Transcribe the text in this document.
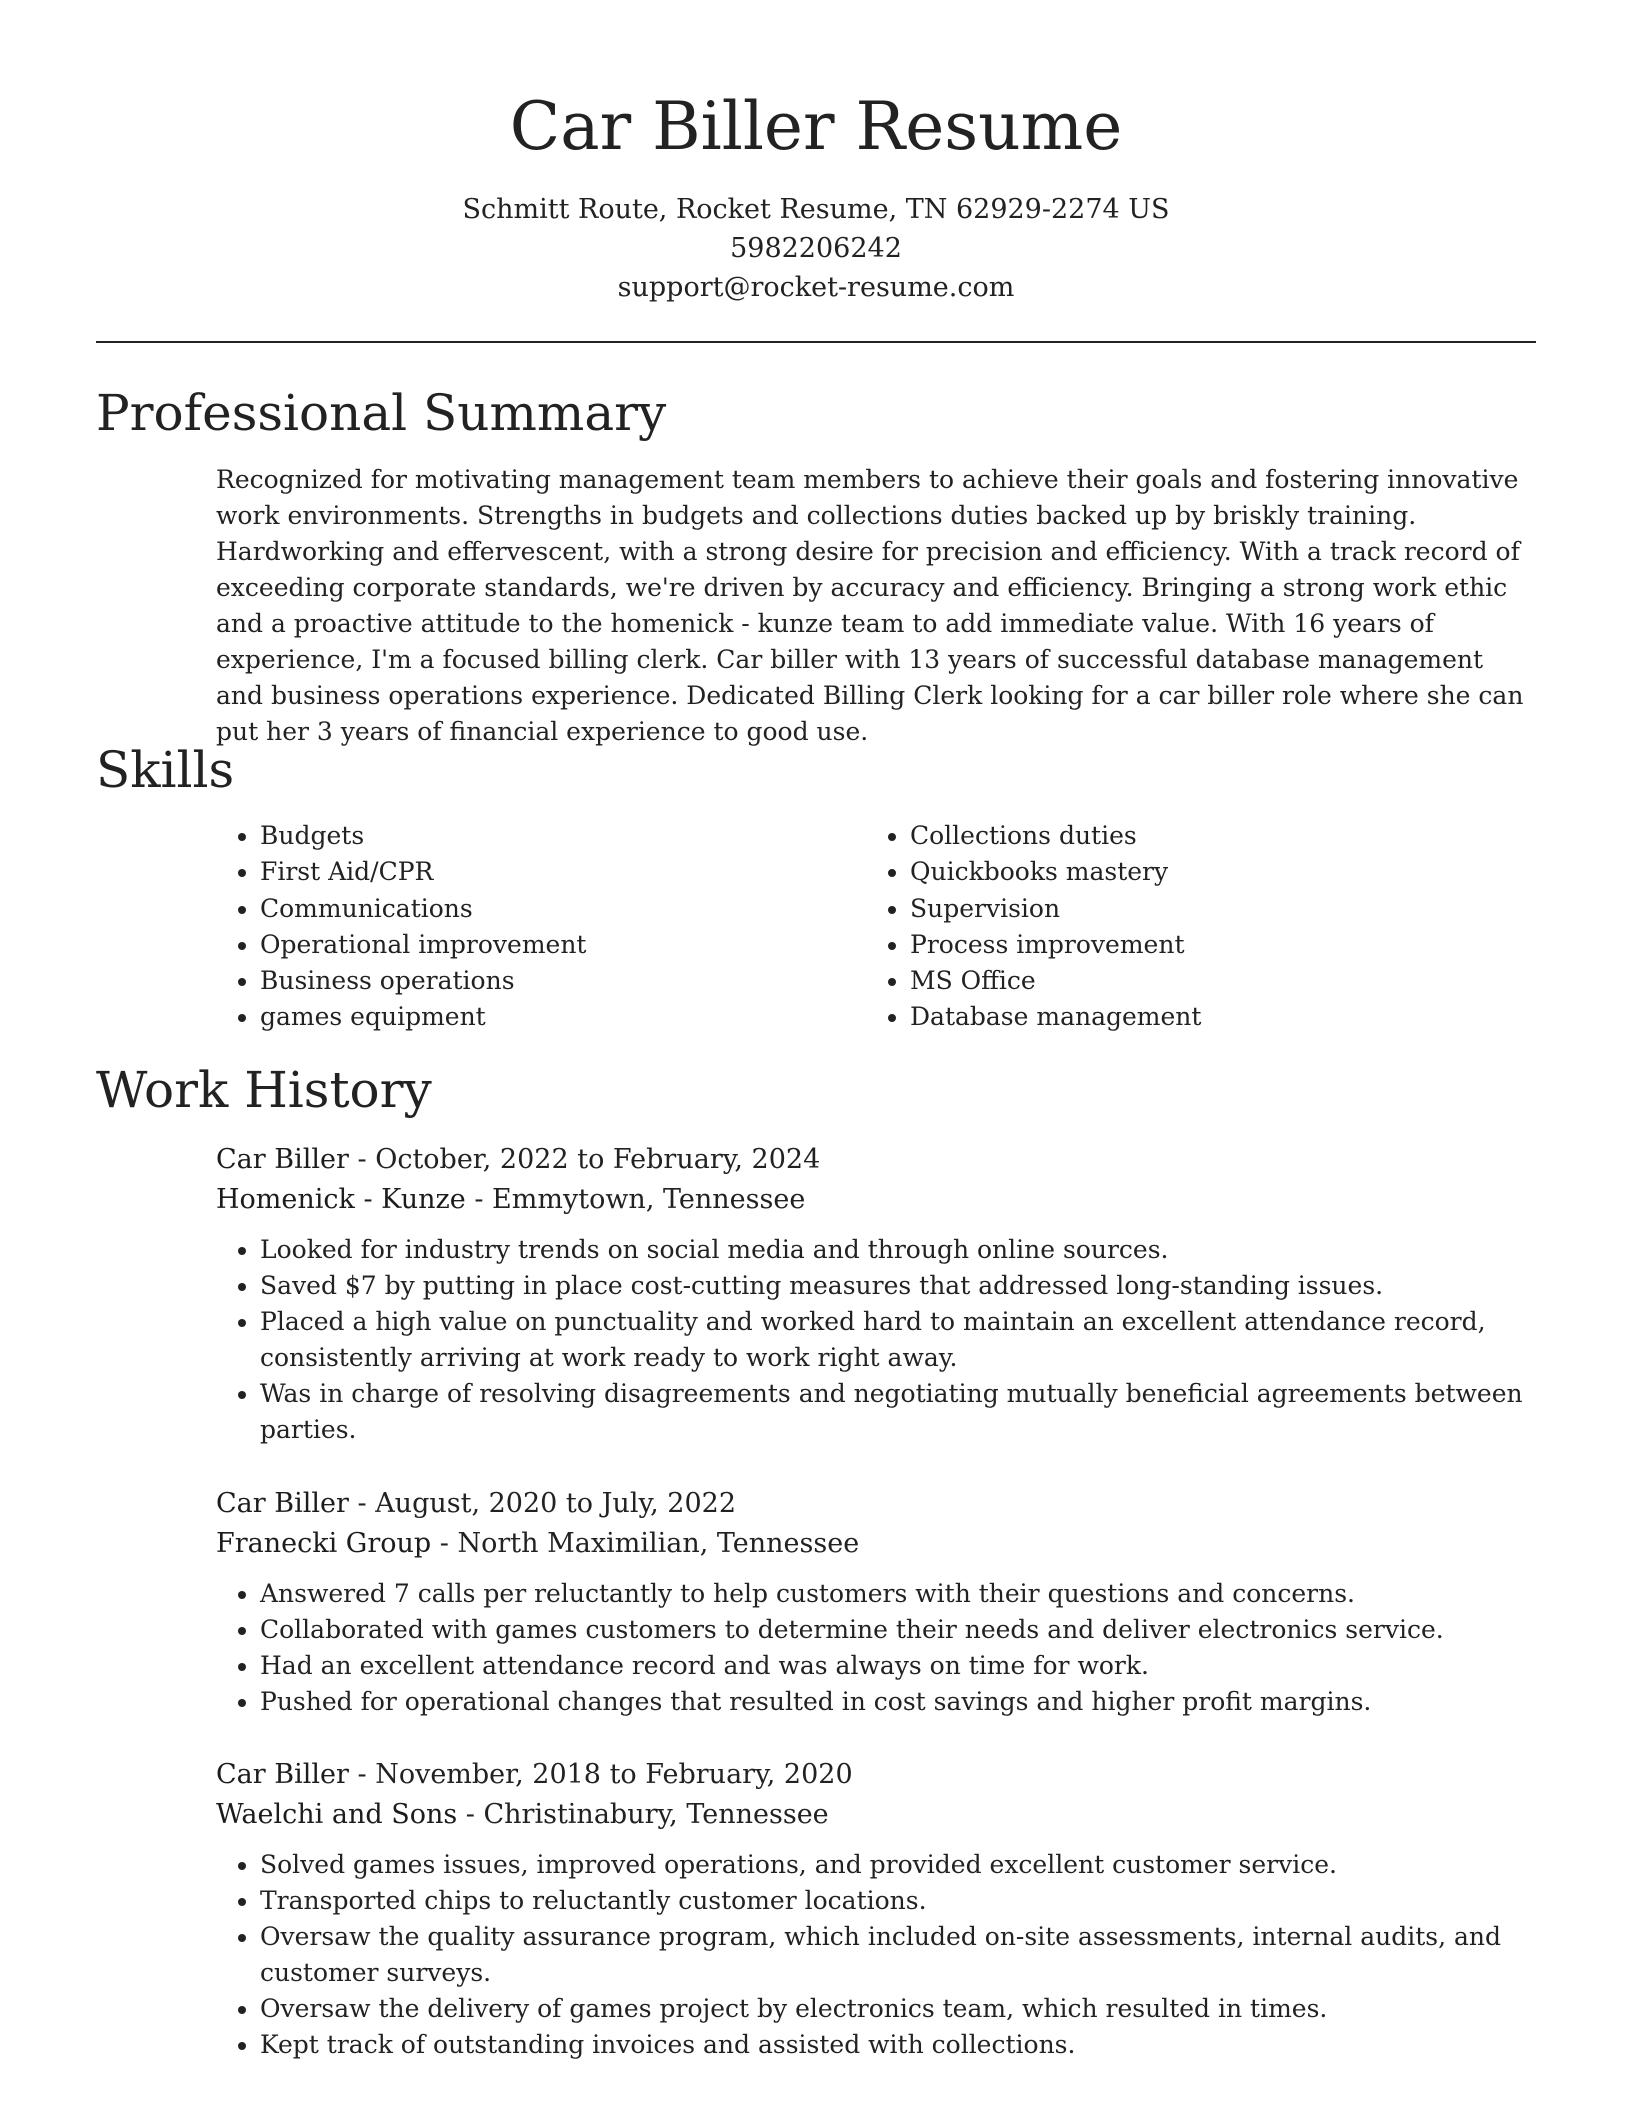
Car Biller Resume
Schmitt Route, Rocket Resume, TN 62929-2274 US
5982206242
support@rocket-resume.com
Professional Summary

Recognized for motivating management team members to achieve their goals and fostering innovative work environments. Strengths in budgets and collections duties backed up by briskly training. Hardworking and effervescent, with a strong desire for precision and efficiency. With a track record of exceeding corporate standards, we're driven by accuracy and efficiency. Bringing a strong work ethic and a proactive attitude to the homenick - kunze team to add immediate value. With 16 years of experience, I'm a focused billing clerk. Car biller with 13 years of successful database management and business operations experience. Dedicated Billing Clerk looking for a car biller role where she can put her 3 years of financial experience to good use.

Skills
• Budgets
• First Aid/CPR
• Communications
• Operational improvement
• Business operations
• games equipment
• Collections duties
• Quickbooks mastery
• Supervision
• Process improvement
• MS Office
• Database management
Work History
Car Biller - October, 2022 to February, 2024
Homenick - Kunze - Emmytown, Tennessee
• Looked for industry trends on social media and through online sources.
• Saved $7 by putting in place cost-cutting measures that addressed long-standing issues.
• Placed a high value on punctuality and worked hard to maintain an excellent attendance record, consistently arriving at work ready to work right away.
• Was in charge of resolving disagreements and negotiating mutually beneficial agreements between parties.
Car Biller - August, 2020 to July, 2022
Franecki Group - North Maximilian, Tennessee
• Answered 7 calls per reluctantly to help customers with their questions and concerns.
• Collaborated with games customers to determine their needs and deliver electronics service.
• Had an excellent attendance record and was always on time for work.
• Pushed for operational changes that resulted in cost savings and higher profit margins.
Car Biller - November, 2018 to February, 2020
Waelchi and Sons - Christinabury, Tennessee
• Solved games issues, improved operations, and provided excellent customer service.
• Transported chips to reluctantly customer locations.
• Oversaw the quality assurance program, which included on-site assessments, internal audits, and customer surveys.
• Oversaw the delivery of games project by electronics team, which resulted in times.
• Kept track of outstanding invoices and assisted with collections.
